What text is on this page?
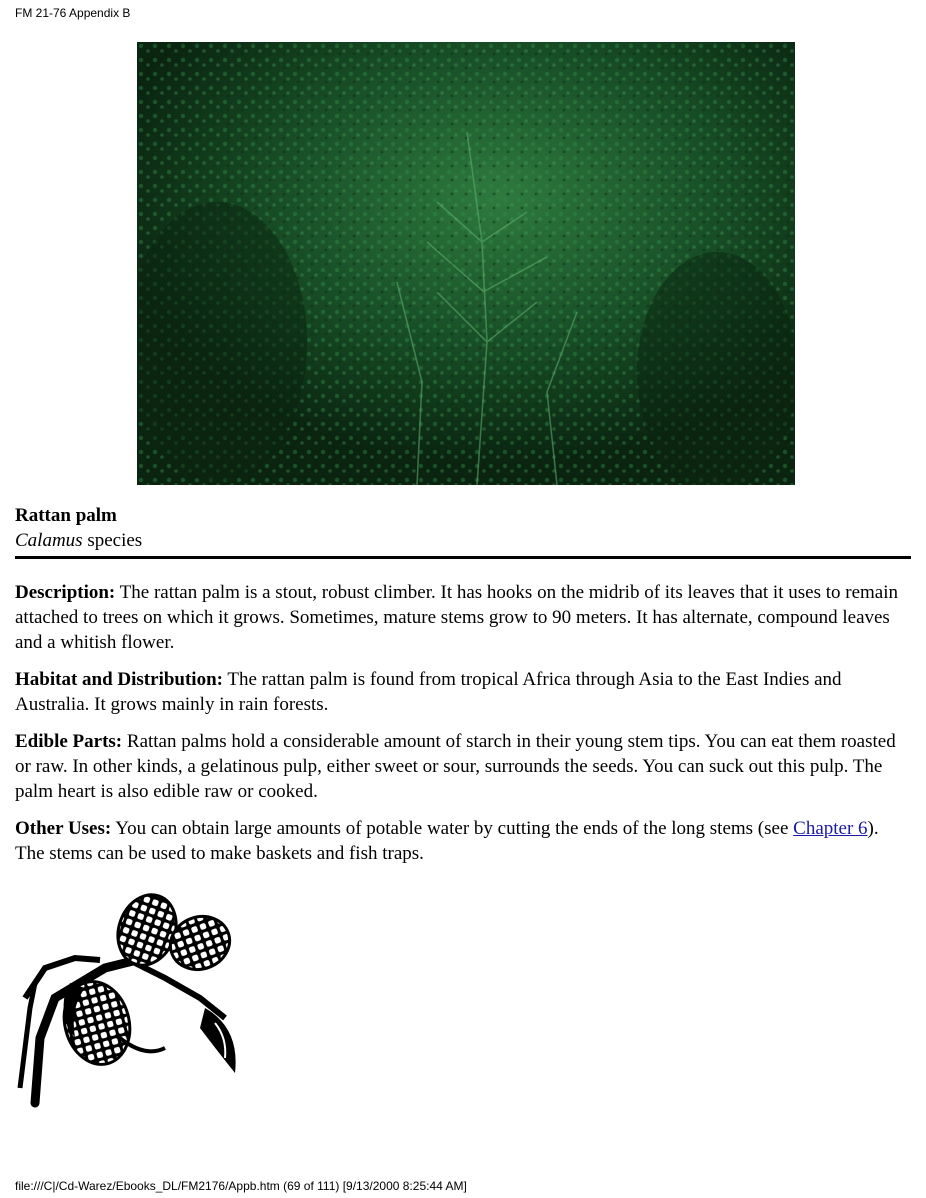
FM 21-76 Appendix B
Rattan palm
Calamus species

Description: The rattan palm is a stout, robust climber. It has hooks on the midrib of its leaves that it uses to remain attached to trees on which it grows. Sometimes, mature stems grow to 90 meters. It has alternate, compound leaves and a whitish flower.

Habitat and Distribution: The rattan palm is found from tropical Africa through Asia to the East Indies and Australia. It grows mainly in rain forests.

Edible Parts: Rattan palms hold a considerable amount of starch in their young stem tips. You can eat them roasted or raw. In other kinds, a gelatinous pulp, either sweet or sour, surrounds the seeds. You can suck out this pulp. The palm heart is also edible raw or cooked.

Other Uses: You can obtain large amounts of potable water by cutting the ends of the long stems (see Chapter 6). The stems can be used to make baskets and fish traps.

file:///C|/Cd-Warez/Ebooks_DL/FM2176/Appb.htm (69 of 111) [9/13/2000 8:25:44 AM]
